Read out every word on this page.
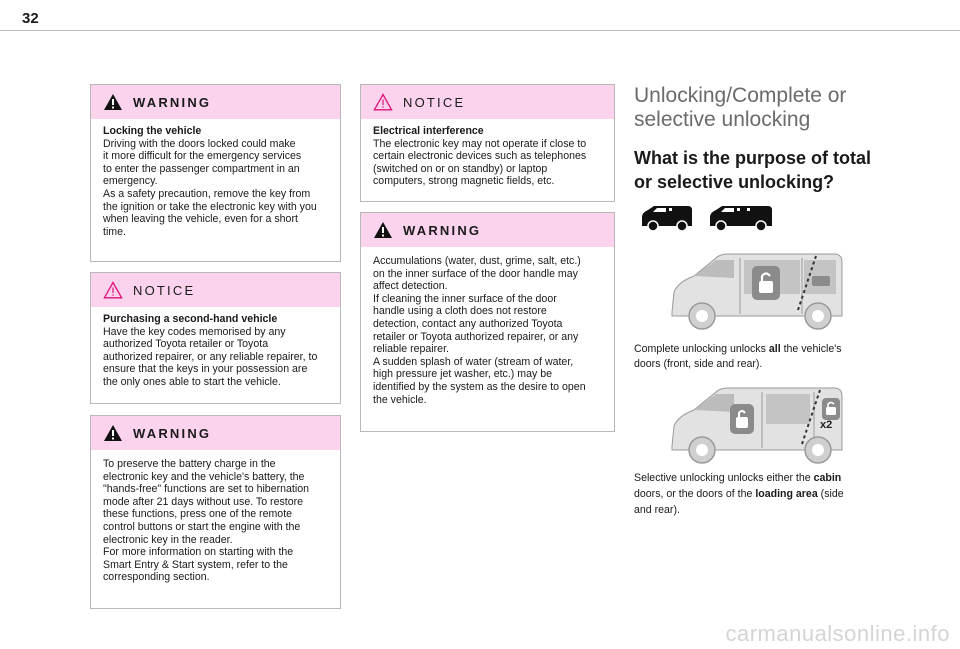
32
WARNING

Locking the vehicle

Driving with the doors locked could make

it more difficult for the emergency services

to enter the passenger compartment in an

emergency.

As a safety precaution, remove the key from

the ignition or take the electronic key with you

when leaving the vehicle, even for a short

time.

NOTICE

Purchasing a second-hand vehicle

Have the key codes memorised by any

authorized Toyota retailer or Toyota

authorized repairer, or any reliable repairer, to

ensure that the keys in your possession are

the only ones able to start the vehicle.

WARNING

To preserve the battery charge in the

electronic key and the vehicle's battery, the

"hands-free" functions are set to hibernation

mode after 21 days without use. To restore

these functions, press one of the remote

control buttons or start the engine with the

electronic key in the reader.

For more information on starting with the

Smart Entry & Start system, refer to the

corresponding section.

NOTICE

Electrical interference

The electronic key may not operate if close to

certain electronic devices such as telephones

(switched on or on standby) or laptop

computers, strong magnetic fields, etc.

WARNING

Accumulations (water, dust, grime, salt, etc.)

on the inner surface of the door handle may

affect detection.

If cleaning the inner surface of the door

handle using a cloth does not restore

detection, contact any authorized Toyota

retailer or Toyota authorized repairer, or any

reliable repairer.

A sudden splash of water (stream of water,

high pressure jet washer, etc.) may be

identified by the system as the desire to open

the vehicle.

Unlocking/Complete or
selective unlocking
What is the purpose of total
or selective unlocking?
Complete unlocking unlocks all the vehicle's
doors (front, side and rear).
x2
Selective unlocking unlocks either the cabin
doors, or the doors of the loading area (side
and rear).
carmanualsonline.info
